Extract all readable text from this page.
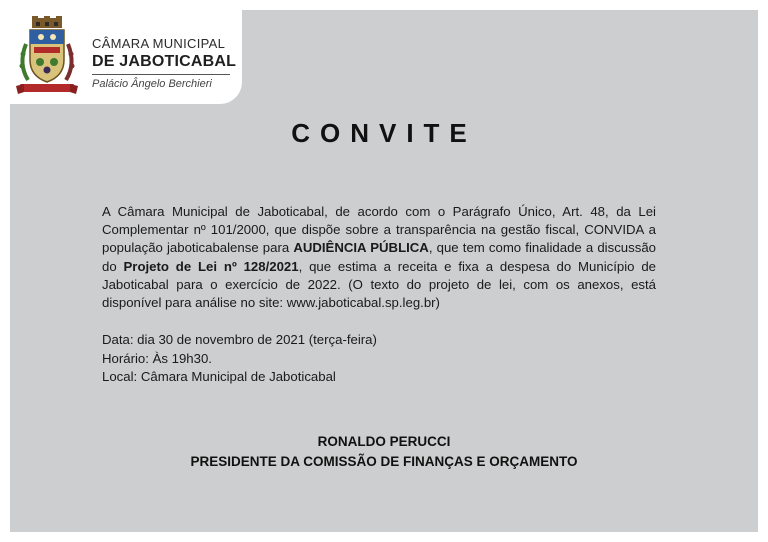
CÂMARA MUNICIPAL
DE JABOTICABAL
Palácio Ângelo Berchieri
CONVITE

A Câmara Municipal de Jaboticabal, de acordo com o Parágrafo Único, Art. 48, da Lei Complementar nº 101/2000, que dispõe sobre a transparência na gestão fiscal, CONVIDA a população jaboticabalense para AUDIÊNCIA PÚBLICA, que tem como finalidade a discussão do Projeto de Lei nº 128/2021, que estima a receita e fixa a despesa do Município de Jaboticabal para o exercício de 2022. (O texto do projeto de lei, com os anexos, está disponível para análise no site: www.jaboticabal.sp.leg.br)

Data: dia 30 de novembro de 2021 (terça-feira)
Horário: Às 19h30.
Local: Câmara Municipal de Jaboticabal
RONALDO PERUCCI
PRESIDENTE DA COMISSÃO DE FINANÇAS E ORÇAMENTO
